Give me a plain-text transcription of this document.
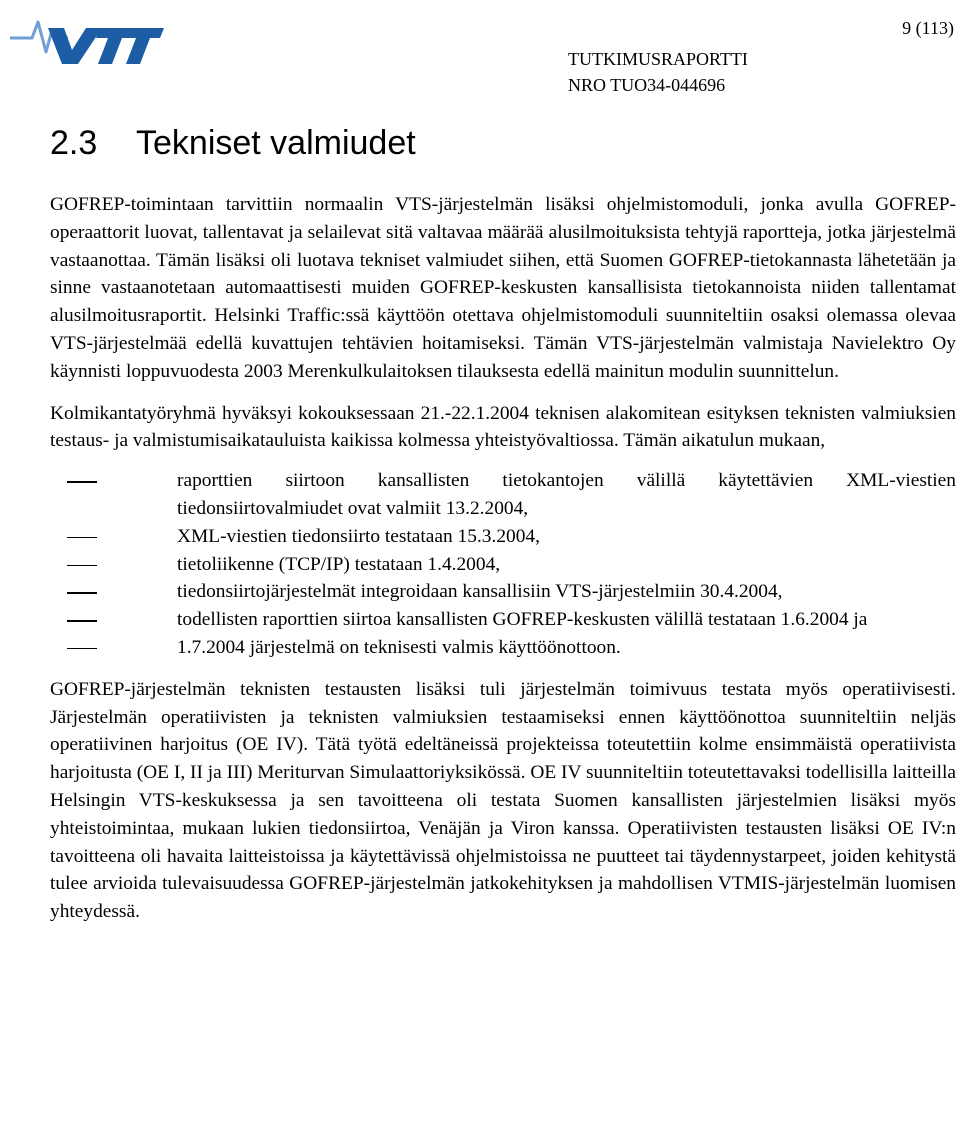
9 (113)
TUTKIMUSRAPORTTI
NRO TUO34-044696
2.3 Tekniset valmiudet

GOFREP-toimintaan tarvittiin normaalin VTS-järjestelmän lisäksi ohjelmistomoduli, jonka avulla GOFREP-operaattorit luovat, tallentavat ja selailevat sitä valtavaa määrää alusilmoituksista tehtyjä raportteja, jotka järjestelmä vastaanottaa. Tämän lisäksi oli luotava tekniset valmiudet siihen, että Suomen GOFREP-tietokannasta lähetetään ja sinne vastaanotetaan automaattisesti muiden GOFREP-keskusten kansallisista tietokannoista niiden tallentamat alusilmoitusraportit. Helsinki Traffic:ssä käyttöön otettava ohjelmistomoduli suunniteltiin osaksi olemassa olevaa VTS-järjestelmää edellä kuvattujen tehtävien hoitamiseksi. Tämän VTS-järjestelmän valmistaja Navielektro Oy käynnisti loppuvuodesta 2003 Merenkulkulaitoksen tilauksesta edellä mainitun modulin suunnittelun.

Kolmikantatyöryhmä hyväksyi kokouksessaan 21.-22.1.2004 teknisen alakomitean esityksen teknisten valmiuksien testaus- ja valmistumisaikatauluista kaikissa kolmessa yhteistyövaltiossa. Tämän aikatulun mukaan,

raporttien siirtoon kansallisten tietokantojen välillä käytettävien XML-viestien tiedonsiirtovalmiudet ovat valmiit 13.2.2004,
XML-viestien tiedonsiirto testataan 15.3.2004,
tietoliikenne (TCP/IP) testataan 1.4.2004,
tiedonsiirtojärjestelmät integroidaan kansallisiin VTS-järjestelmiin 30.4.2004,
todellisten raporttien siirtoa kansallisten GOFREP-keskusten välillä testataan 1.6.2004 ja
1.7.2004 järjestelmä on teknisesti valmis käyttöönottoon.

GOFREP-järjestelmän teknisten testausten lisäksi tuli järjestelmän toimivuus testata myös operatiivisesti. Järjestelmän operatiivisten ja teknisten valmiuksien testaamiseksi ennen käyttöönottoa suunniteltiin neljäs operatiivinen harjoitus (OE IV). Tätä työtä edeltäneissä projekteissa toteutettiin kolme ensimmäistä operatiivista harjoitusta (OE I, II ja III) Meriturvan Simulaattoriyksikössä. OE IV suunniteltiin toteutettavaksi todellisilla laitteilla Helsingin VTS-keskuksessa ja sen tavoitteena oli testata Suomen kansallisten järjestelmien lisäksi myös yhteistoimintaa, mukaan lukien tiedonsiirtoa, Venäjän ja Viron kanssa. Operatiivisten testausten lisäksi OE IV:n tavoitteena oli havaita laitteistoissa ja käytettävissä ohjelmistoissa ne puutteet tai täydennystarpeet, joiden kehitystä tulee arvioida tulevaisuudessa GOFREP-järjestelmän jatkokehityksen ja mahdollisen VTMIS-järjestelmän luomisen yhteydessä.
